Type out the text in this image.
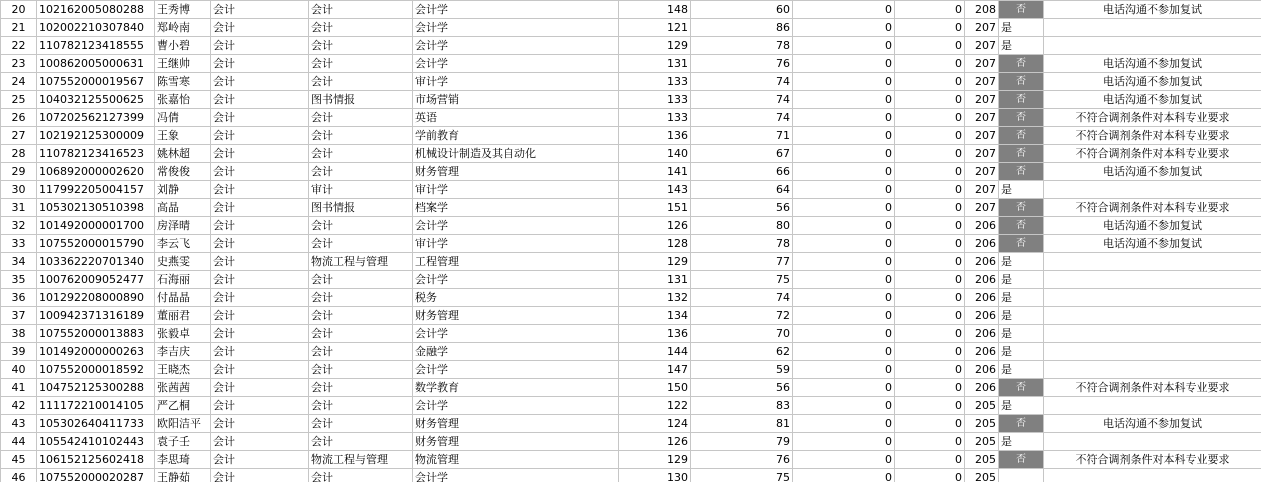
20	102162005080288	王秀博	会计	会计	会计学	148	60	0	0	208	否	电话沟通不参加复试
21	102002210307840	郑岭南	会计	会计	会计学	121	86	0	0	207	是	
22	110782123418555	曹小碧	会计	会计	会计学	129	78	0	0	207	是	
23	100862005000631	王继帅	会计	会计	会计学	131	76	0	0	207	否	电话沟通不参加复试
24	107552000019567	陈雪寒	会计	会计	审计学	133	74	0	0	207	否	电话沟通不参加复试
25	104032125500625	张嘉怡	会计	图书情报	市场营销	133	74	0	0	207	否	电话沟通不参加复试
26	107202562127399	冯倩	会计	会计	英语	133	74	0	0	207	否	不符合调剂条件对本科专业要求
27	102192125300009	王象	会计	会计	学前教育	136	71	0	0	207	否	不符合调剂条件对本科专业要求
28	110782123416523	姚林超	会计	会计	机械设计制造及其自动化	140	67	0	0	207	否	不符合调剂条件对本科专业要求
29	106892000002620	常俊俊	会计	会计	财务管理	141	66	0	0	207	否	电话沟通不参加复试
30	117992205004157	刘静	会计	审计	审计学	143	64	0	0	207	是	
31	105302130510398	高晶	会计	图书情报	档案学	151	56	0	0	207	否	不符合调剂条件对本科专业要求
32	101492000001700	房泽晴	会计	会计	会计学	126	80	0	0	206	否	电话沟通不参加复试
33	107552000015790	李云飞	会计	会计	审计学	128	78	0	0	206	否	电话沟通不参加复试
34	103362220701340	史燕雯	会计	物流工程与管理	工程管理	129	77	0	0	206	是	
35	100762009052477	石海丽	会计	会计	会计学	131	75	0	0	206	是	
36	101292208000890	付晶晶	会计	会计	税务	132	74	0	0	206	是	
37	100942371316189	董丽君	会计	会计	财务管理	134	72	0	0	206	是	
38	107552000013883	张毅卓	会计	会计	会计学	136	70	0	0	206	是	
39	101492000000263	李吉庆	会计	会计	金融学	144	62	0	0	206	是	
40	107552000018592	王晓杰	会计	会计	会计学	147	59	0	0	206	是	
41	104752125300288	张茜茜	会计	会计	数学教育	150	56	0	0	206	否	不符合调剂条件对本科专业要求
42	111172210014105	严乙桐	会计	会计	会计学	122	83	0	0	205	是	
43	105302640411733	欧阳洁平	会计	会计	财务管理	124	81	0	0	205	否	电话沟通不参加复试
44	105542410102443	袁子壬	会计	会计	财务管理	126	79	0	0	205	是	
45	106152125602418	李思琦	会计	物流工程与管理	物流管理	129	76	0	0	205	否	不符合调剂条件对本科专业要求
46	107552000020287	王静茹	会计	会计	会计学	130	75	0	0	205		
